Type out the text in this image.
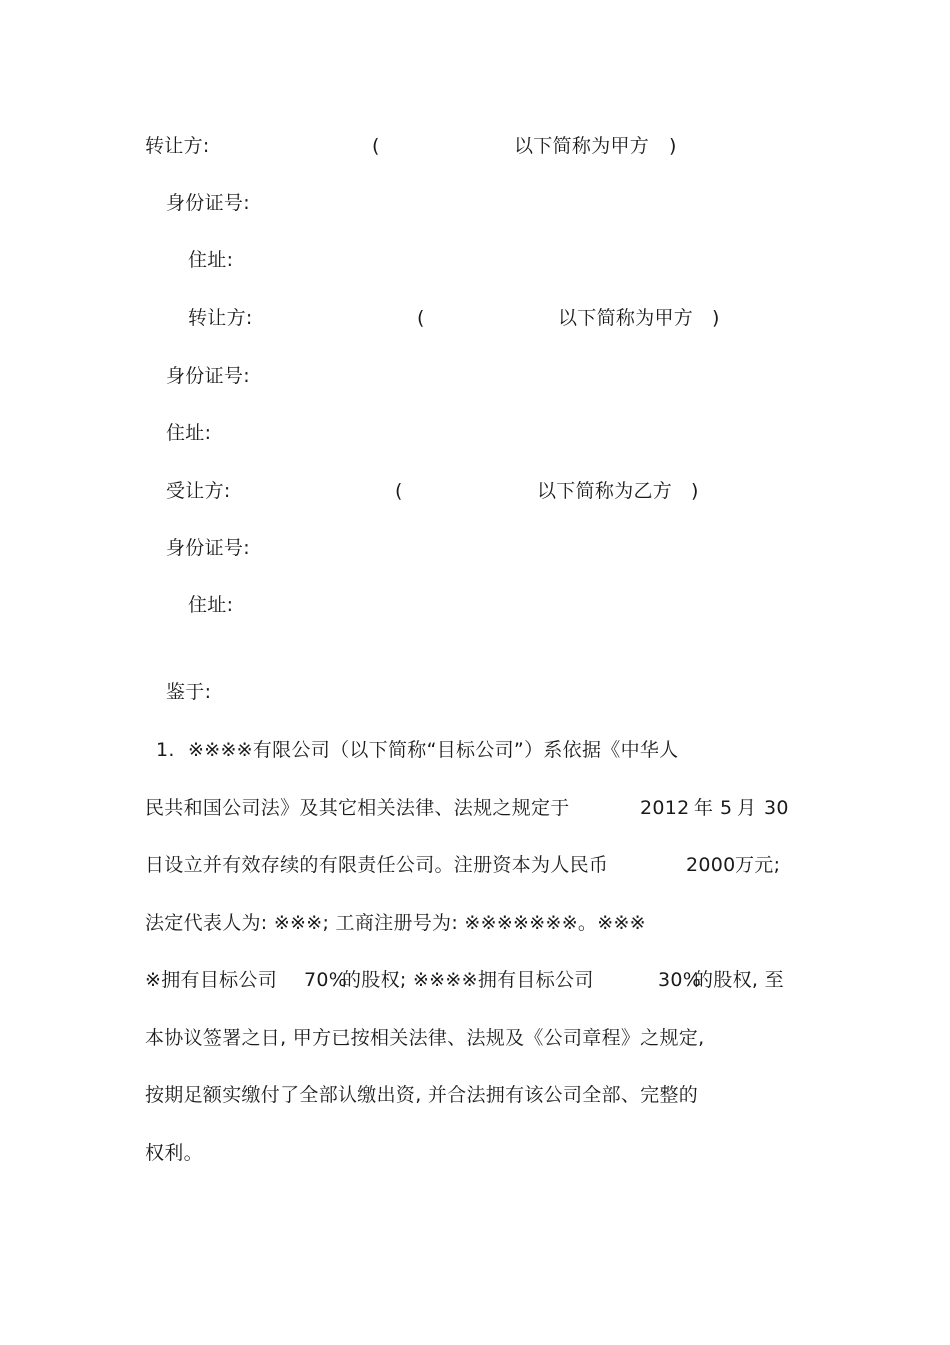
转让方:	(	以下简称为甲方 )
身份证号:
住址:
转让方:	(	以下简称为甲方 )
身份证号:
住址:
受让方:	(	以下简称为乙方 )
身份证号:
住址:
鉴于:
1. ※※※※有限公司（以下简称“目标公司”）系依据《中华人
民共和国公司法》及其它相关法律、法规之规定于	2012 年 5 月 30
日设立并有效存续的有限责任公司。注册资本为人民币	2000 万元;
法定代表人为: ※※※; 工商注册号为: ※※※※※※※。※※※
※拥有目标公司 70%
的股权; ※※※※拥有目标公司	30%
的股权, 至
本协议签署之日, 甲方已按相关法律、法规及《公司章程》之规定,
按期足额实缴付了全部认缴出资, 并合法拥有该公司全部、完整的
权利。
